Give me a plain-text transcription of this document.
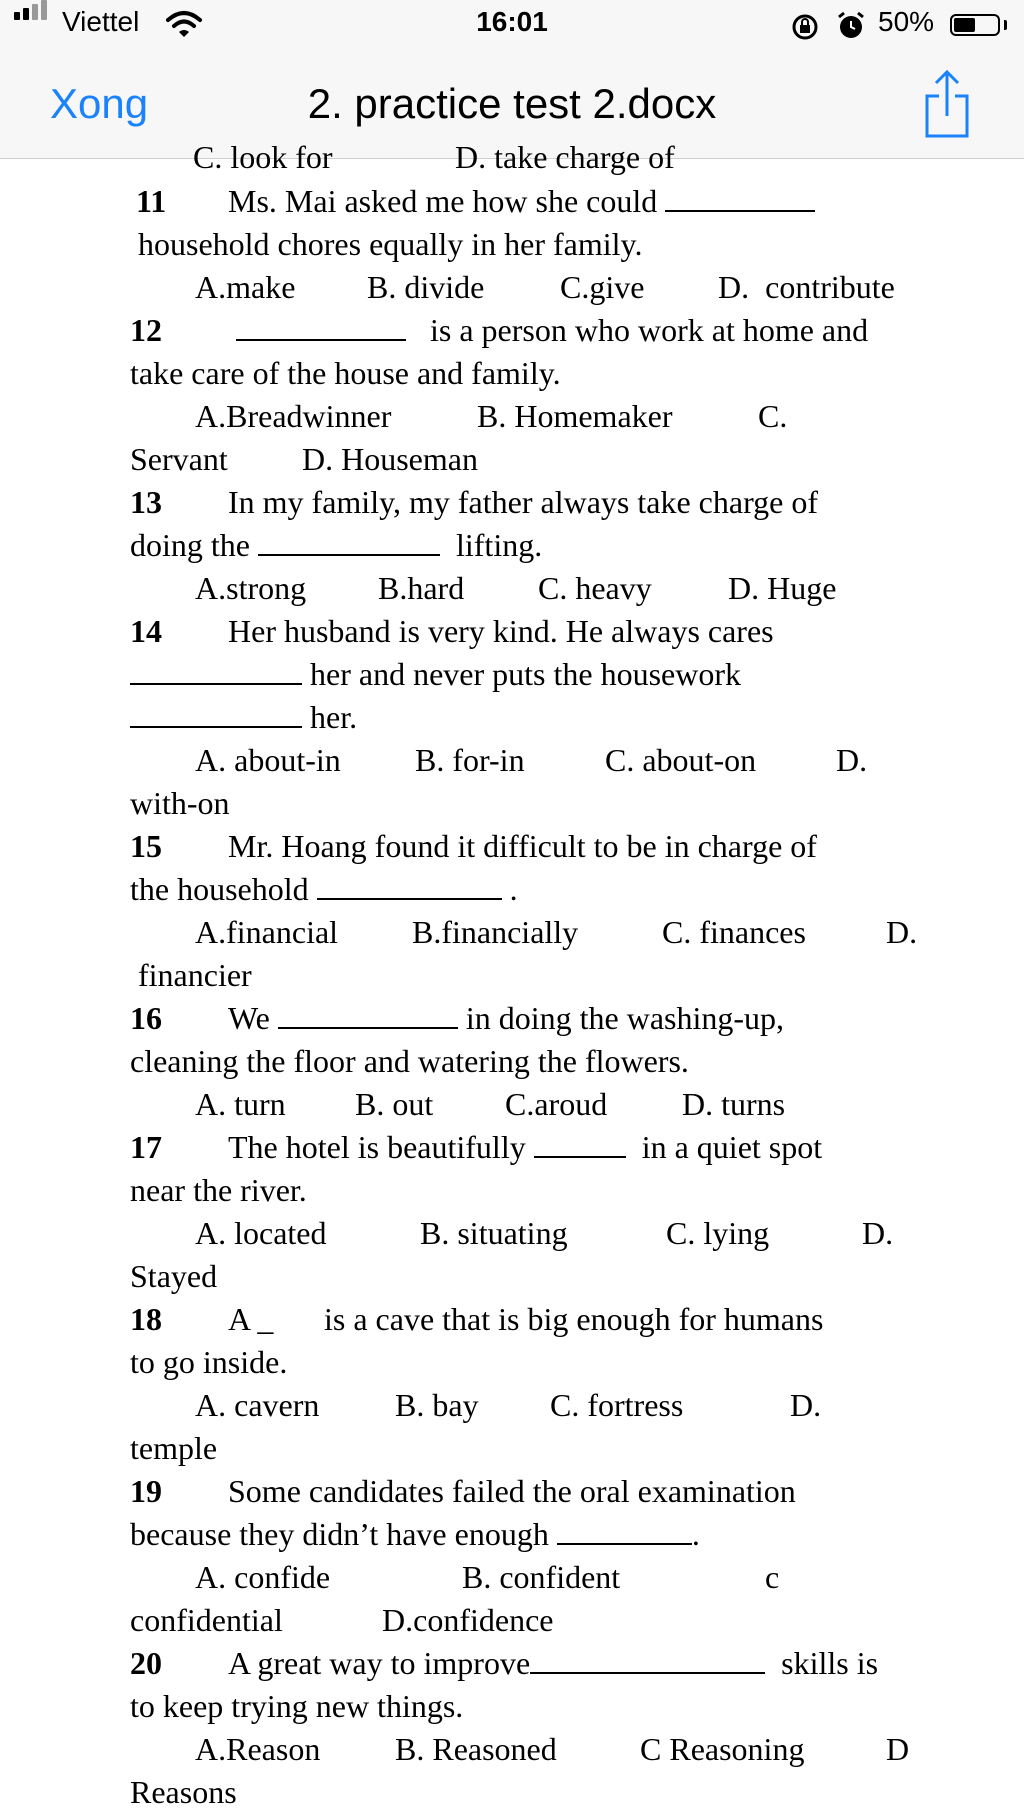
Viettel	16:01	50%
Xong	2. practice test 2.docx
C. look for	D. take charge of
11 Ms. Mai asked me how she could
household chores equally in her family.
A.make B. divide C.give D.  contribute
12	is a person who work at home and
take care of the house and family.
A.Breadwinner	B. Homemaker	C.
Servant D. Houseman
13 In my family, my father always take charge of
doing the	lifting.
A.strong B.hard C. heavy D. Huge
14 Her husband is very kind. He always cares
her and never puts the housework
her.
A. about-in B. for-in	C. about-on D.
with-on
15 Mr. Hoang found it difficult to be in charge of
the household	.
A.financial B.financially	C. finances	D.
financier
16 We	in doing the washing-up,
cleaning the floor and watering the flowers.
A. turn B. out C.aroud D. turns
17 The hotel is beautifully	in a quiet spot
near the river.
A. located	B. situating	C. lying	D.
Stayed
18 A _ is a cave that is big enough for humans
to go inside.
A. cavern B. bay C. fortress	D.
temple
19 Some candidates failed the oral examination
because they didn’t have enough	.
A. confide	B. confident	c
confidential	D.confidence
20 A great way to improve	skills is
to keep trying new things.
A.Reason B. Reasoned	C Reasoning	D
Reasons
